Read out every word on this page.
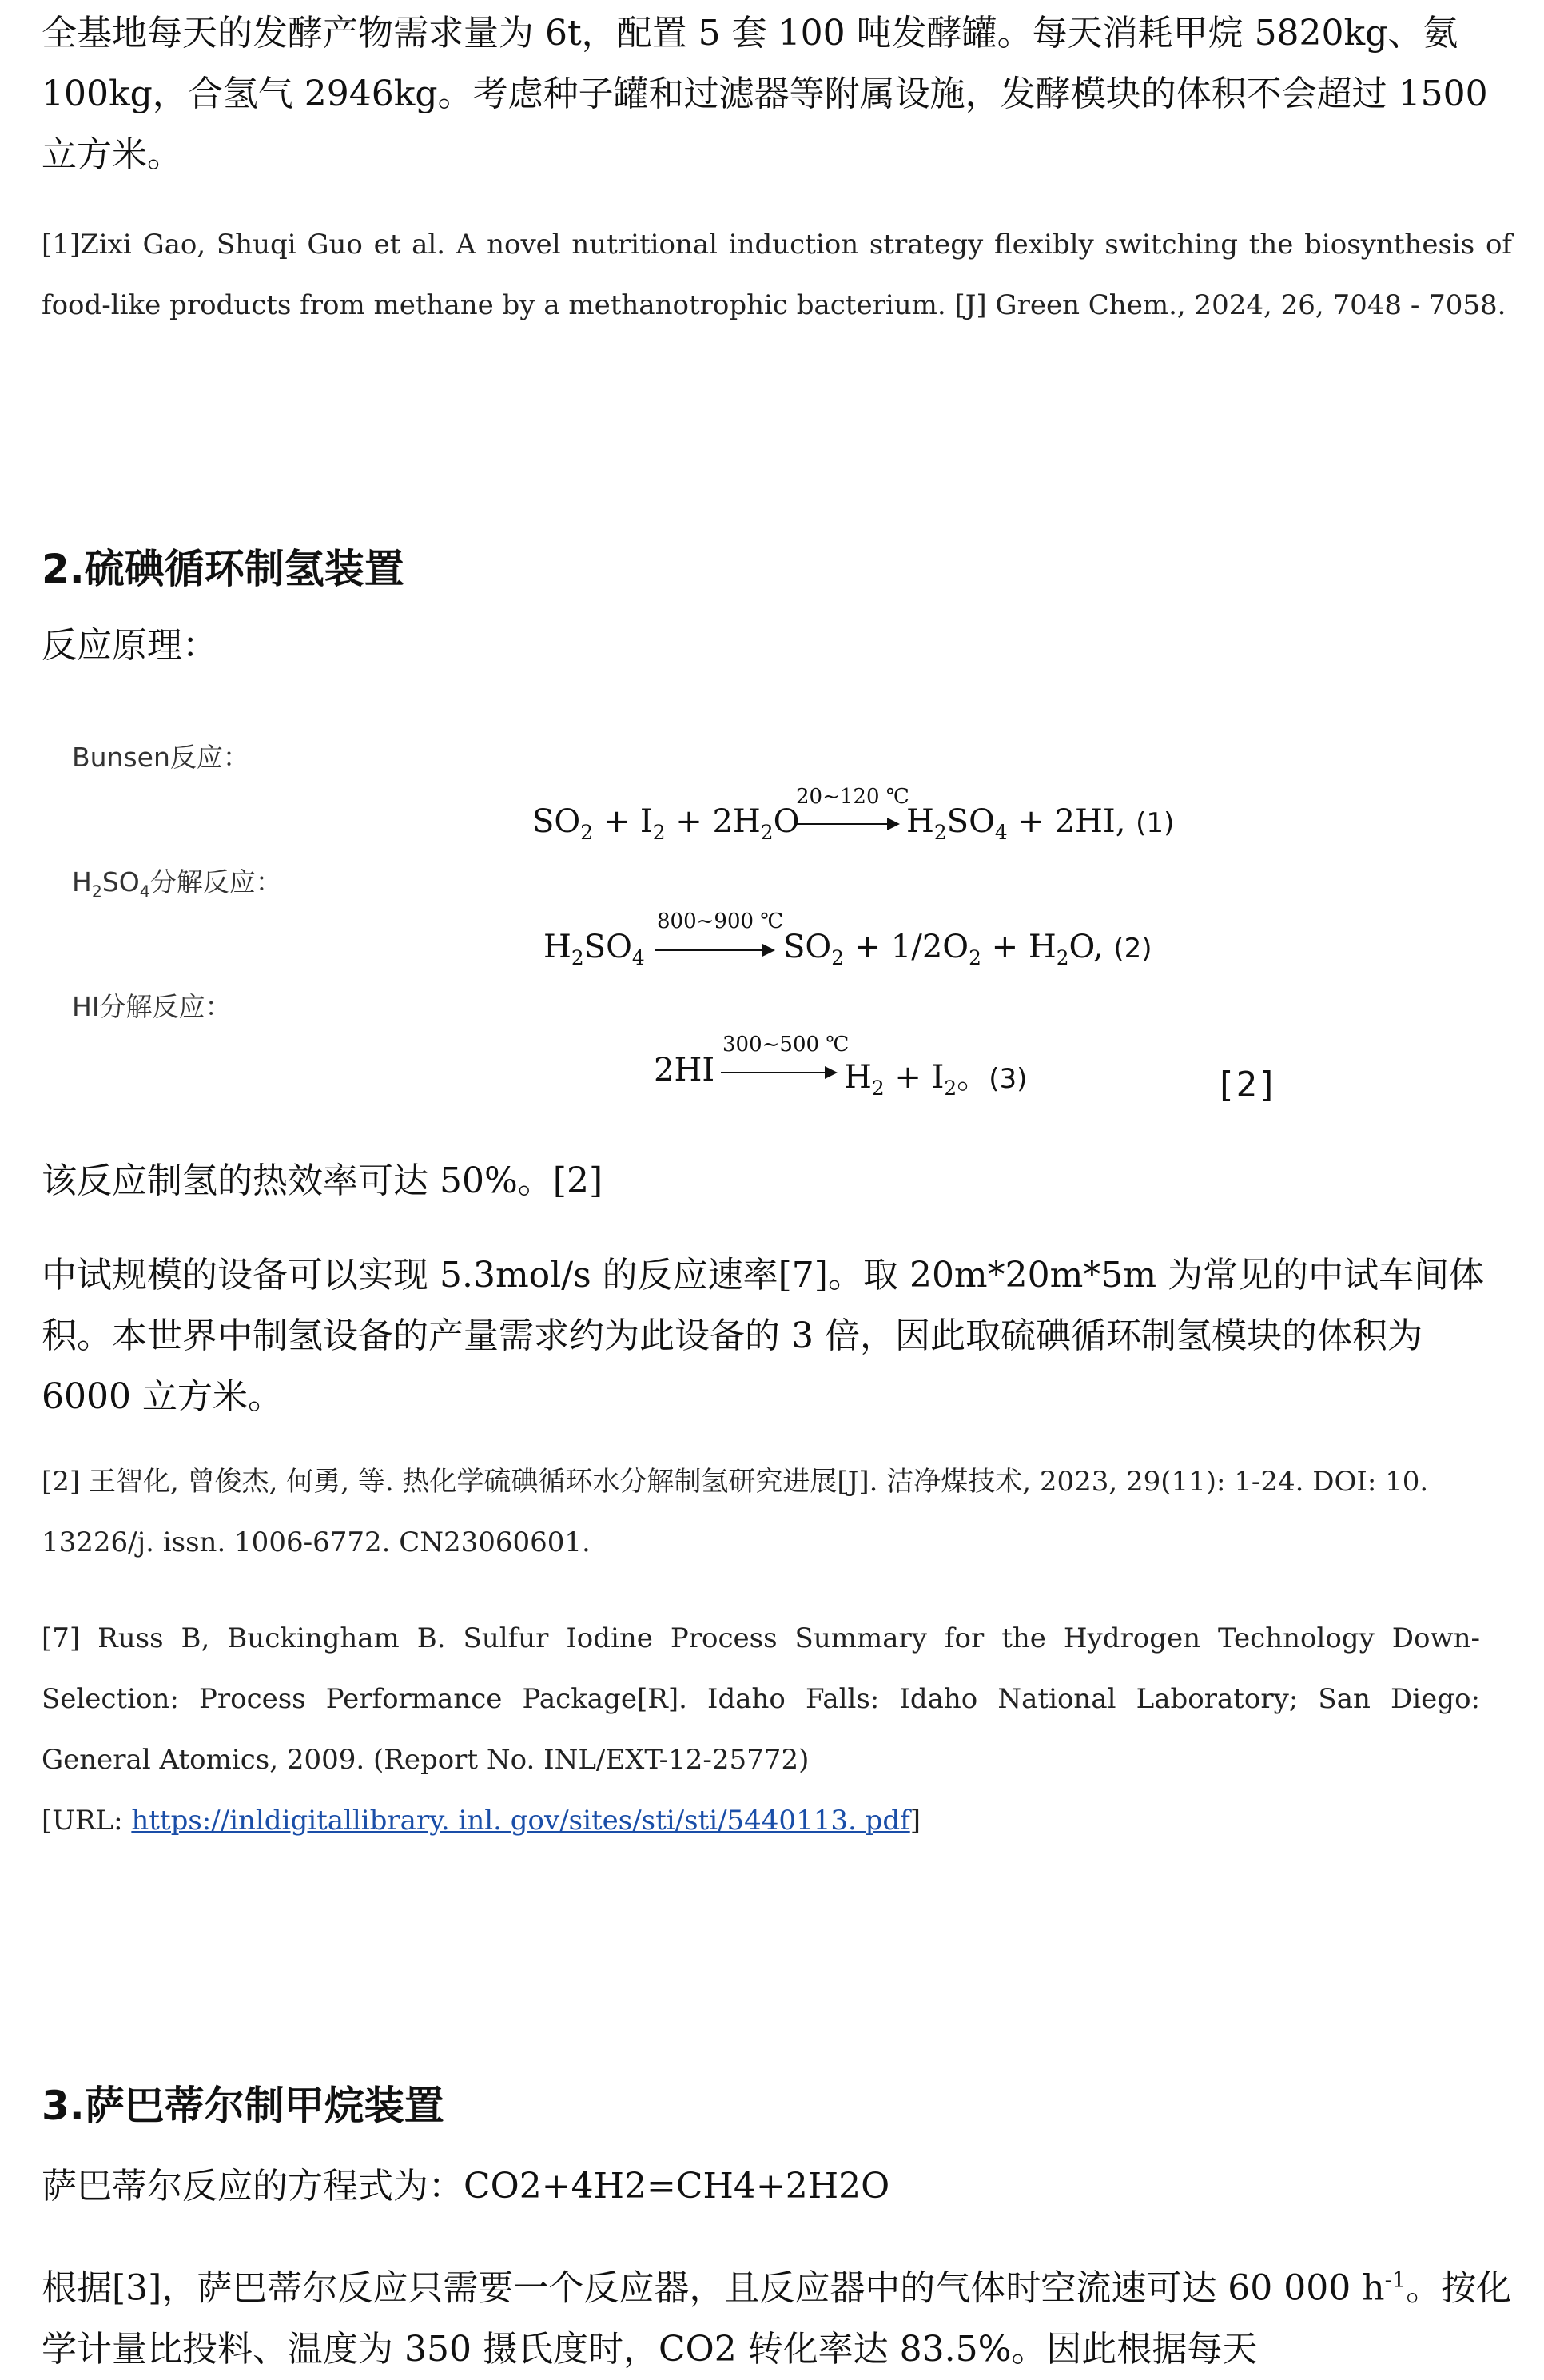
全基地每天的发酵产物需求量为 6t，配置 5 套 100 吨发酵罐。每天消耗甲烷 5820kg、氨 100kg，合氢气 2946kg。考虑种子罐和过滤器等附属设施，发酵模块的体积不会超过 1500 立方米。

[1]Zixi Gao, Shuqi Guo et al. A novel nutritional induction strategy flexibly switching the biosynthesis of food-like products from methane by a methanotrophic bacterium. [J] Green Chem., 2024, 26, 7048 - 7058.

2.硫碘循环制氢装置

反应原理：

Bunsen反应：
$SO_2 + I_2 + 2H_2O$
20~120 ℃
$H_2SO_4 + 2HI$, (1)
$H_2SO_4$分解反应：
$H_2SO_4$
800~900 ℃
$SO_2 + 1/2O_2 + H_2O$, (2)
HI分解反应：
2HI
300~500 ℃
$H_2 + I_2$。(3)	[2]

该反应制氢的热效率可达 50%。[2]

中试规模的设备可以实现 5.3mol/s 的反应速率[7]。取 20m*20m*5m 为常见的中试车间体积。本世界中制氢设备的产量需求约为此设备的 3 倍，因此取硫碘循环制氢模块的体积为 6000 立方米。

[2] 王智化, 曾俊杰, 何勇, 等. 热化学硫碘循环水分解制氢研究进展[J]. 洁净煤技术, 2023, 29(11): 1-24. DOI: 10. 13226/j. issn. 1006-6772. CN23060601.

[7] Russ B, Buckingham B. Sulfur Iodine Process Summary for the Hydrogen Technology Down-Selection: Process Performance Package[R]. Idaho Falls: Idaho National Laboratory; San Diego: General Atomics, 2009. (Report No. INL/EXT-12-25772)

[URL: https://inldigitallibrary. inl. gov/sites/sti/sti/5440113. pdf]

3.萨巴蒂尔制甲烷装置

萨巴蒂尔反应的方程式为：CO2+4H2=CH4+2H2O

根据[3]，萨巴蒂尔反应只需要一个反应器，且反应器中的气体时空流速可达 60 000 $h^{-1}$。按化学计量比投料、温度为 350 摄氏度时，CO2 转化率达 83.5%。因此根据每天
